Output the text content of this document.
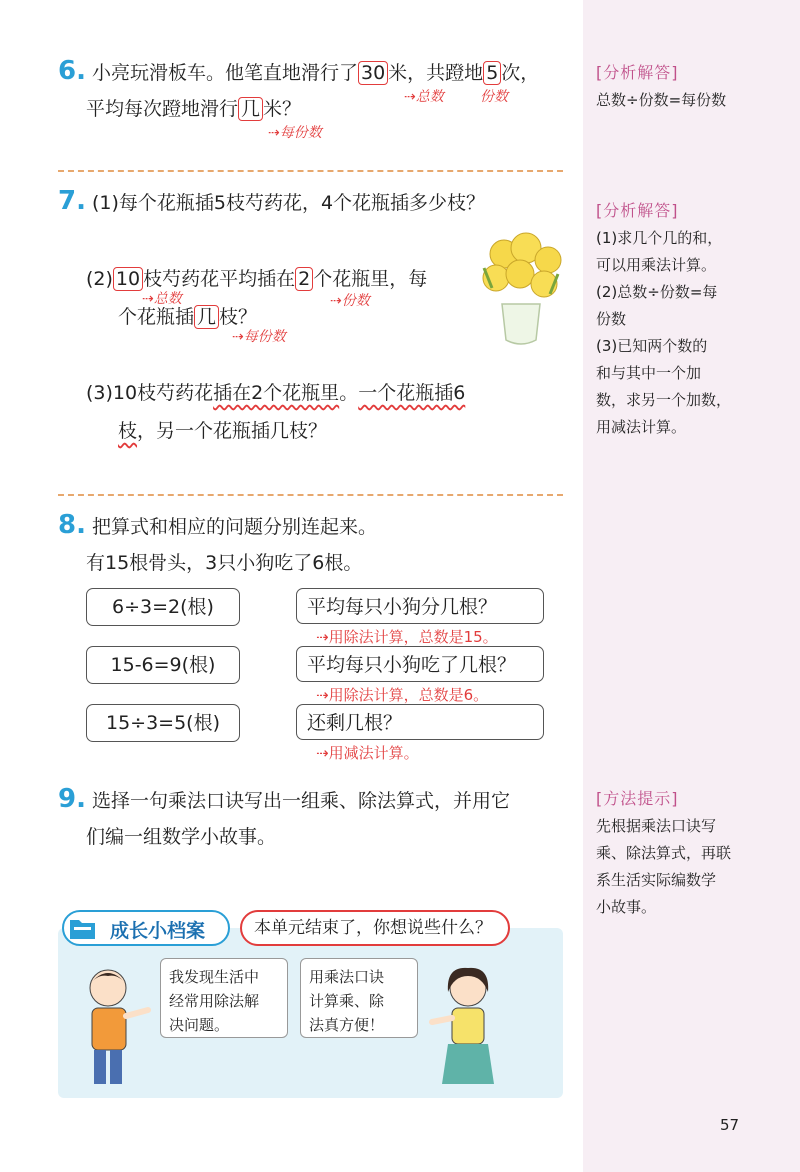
[分析解答]
总数÷份数=每份数
[分析解答]
(1)求几个几的和，
可以用乘法计算。
(2)总数÷份数=每
份数
(3)已知两个数的
和与其中一个加
数，求另一个加数，
用减法计算。
[方法提示]
先根据乘法口诀写
乘、除法算式，再联
系生活实际编数学
小故事。
6. 小亮玩滑板车。他笔直地滑行了 30 米，共蹬地 5 次，
⇢总数	份数
平均每次蹬地滑行 几 米？
⇢每份数
7. (1)每个花瓶插5枝芍药花，4个花瓶插多少枝？
(2) 10 枝芍药花平均插在 2 个花瓶里，每
⇢总数	⇢份数
个花瓶插 几 枝？
⇢每份数
(3)10枝芍药花插在2个花瓶里。一个花瓶插6
枝，另一个花瓶插几枝？
8. 把算式和相应的问题分别连起来。
有15根骨头，3只小狗吃了6根。
6÷3=2(根)
15-6=9(根)
15÷3=5(根)
平均每只小狗分几根？
⇢用除法计算，总数是15。
平均每只小狗吃了几根？
⇢用除法计算，总数是6。
还剩几根？
⇢用减法计算。
9. 选择一句乘法口诀写出一组乘、除法算式，并用它
们编一组数学小故事。
成长小档案	本单元结束了，你想说些什么？
我发现生活中
经常用除法解
决问题。
用乘法口诀
计算乘、除
法真方便！
57
